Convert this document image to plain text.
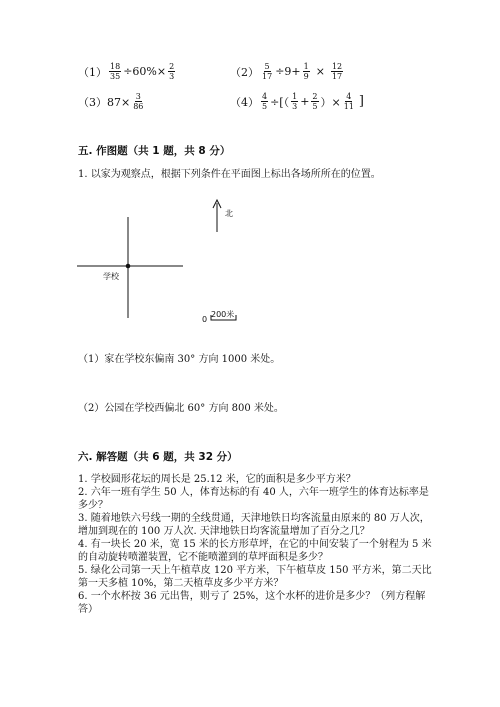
$(1) \frac{18}{35} \div 60\%\times \frac{2}{3}$	$(2) \frac{5}{17} \div 9+ \frac{1}{9} \times \frac{12}{17}$
$(3)87\times \frac{3}{86}$	$(4) \frac{4}{5}$ ÷[（ $\frac{1}{3} + \frac{2}{5}$ ）× $\frac{4}{11}$ ]
五. 作图题（共 1 题，共 8 分）
1. 以家为观察点，根据下列条件在平面图上标出各场所所在的位置。
北
学校
0
200米
（1）家在学校东偏南 30° 方向 1000 米处。
（2）公园在学校西偏北 60° 方向 800 米处。
六. 解答题（共 6 题，共 32 分）
1. 学校圆形花坛的周长是 25.12 米，它的面积是多少平方米？
2. 六年一班有学生 50 人，体育达标的有 40 人，六年一班学生的体育达标率是
多少？
3. 随着地铁六号线一期的全线贯通，天津地铁日均客流量由原来的 80 万人次，
增加到现在的 100 万人次. 天津地铁日均客流量增加了百分之几？
4. 有一块长 20 米，宽 15 米的长方形草坪，在它的中间安装了一个射程为 5 米
的自动旋转喷灌装置，它不能喷灌到的草坪面积是多少？
5. 绿化公司第一天上午植草皮 120 平方米，下午植草皮 150 平方米，第二天比
第一天多植 10%，第二天植草皮多少平方米？
6. 一个水杯按 36 元出售，则亏了 25%，这个水杯的进价是多少？（列方程解
答）
